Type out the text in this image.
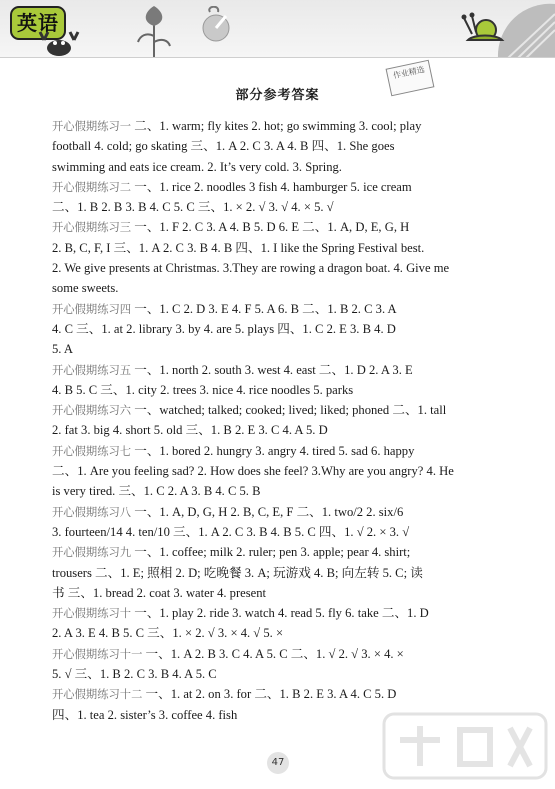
英语
作业精选
部分参考答案
开心假期练习一 二、1. warm; fly kites 2. hot; go swimming 3. cool; play
football 4. cold; go skating 三、1. A 2. C 3. A 4. B 四、1. She goes
swimming and eats ice cream. 2. It’s very cold. 3. Spring.
开心假期练习二 一、1. rice 2. noodles 3 fish 4. hamburger 5. ice cream
二、1. B 2. B 3. B 4. C 5. C 三、1. × 2. √ 3. √ 4. × 5. √
开心假期练习三 一、1. F 2. C 3. A 4. B 5. D 6. E 二、1. A, D, E, G, H
2. B, C, F, I 三、1. A 2. C 3. B 4. B 四、1. I like the Spring Festival best.
2. We give presents at Christmas. 3.They are rowing a dragon boat. 4. Give me
some sweets.
开心假期练习四 一、1. C 2. D 3. E 4. F 5. A 6. B 二、1. B 2. C 3. A
4. C 三、1. at 2. library 3. by 4. are 5. plays 四、1. C 2. E 3. B 4. D
5. A
开心假期练习五 一、1. north 2. south 3. west 4. east 二、1. D 2. A 3. E
4. B 5. C 三、1. city 2. trees 3. nice 4. rice noodles 5. parks
开心假期练习六 一、watched; talked; cooked; lived; liked; phoned 二、1. tall
2. fat 3. big 4. short 5. old 三、1. B 2. E 3. C 4. A 5. D
开心假期练习七 一、1. bored 2. hungry 3. angry 4. tired 5. sad 6. happy
二、1. Are you feeling sad? 2. How does she feel? 3.Why are you angry? 4. He
is very tired. 三、1. C 2. A 3. B 4. C 5. B
开心假期练习八 一、1. A, D, G, H 2. B, C, E, F 二、1. two/2 2. six/6
3. fourteen/14 4. ten/10 三、1. A 2. C 3. B 4. B 5. C 四、1. √ 2. × 3. √
开心假期练习九 一、1. coffee; milk 2. ruler; pen 3. apple; pear 4. shirt;
trousers 二、1. E; 照相 2. D; 吃晚餐 3. A; 玩游戏 4. B; 向左转 5. C; 读
书 三、1. bread 2. coat 3. water 4. present
开心假期练习十 一、1. play 2. ride 3. watch 4. read 5. fly 6. take 二、1. D
2. A 3. E 4. B 5. C 三、1. × 2. √ 3. × 4. √ 5. ×
开心假期练习十一 一、1. A 2. B 3. C 4. A 5. C 二、1. √ 2. √ 3. × 4. ×
5. √ 三、1. B 2. C 3. B 4. A 5. C
开心假期练习十二 一、1. at 2. on 3. for 二、1. B 2. E 3. A 4. C 5. D
四、1. tea 2. sister’s 3. coffee 4. fish
47
